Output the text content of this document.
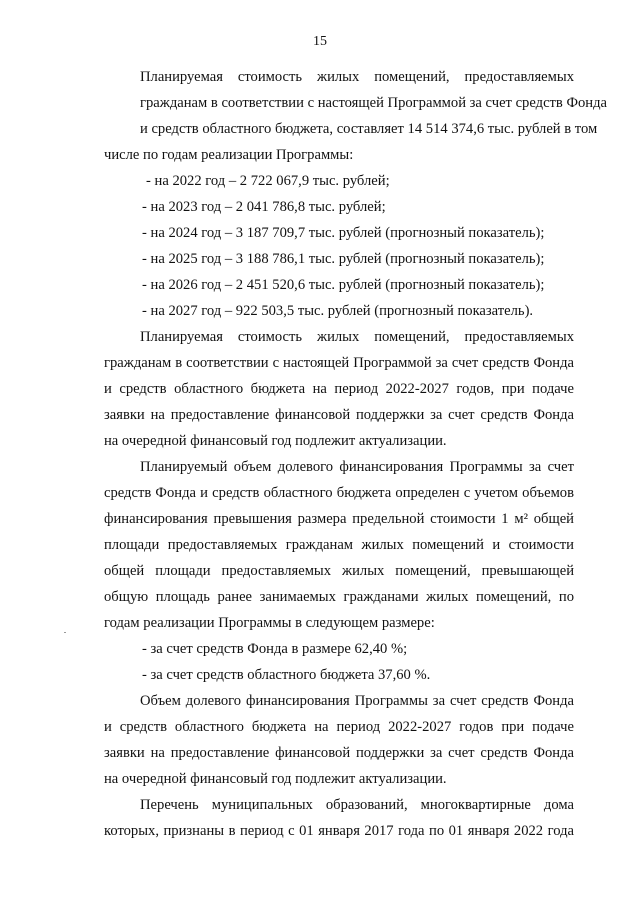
15
Планируемая стоимость жилых помещений, предоставляемых
гражданам в соответствии с настоящей Программой за счет средств Фонда
и средств областного бюджета, составляет 14 514 374,6 тыс. рублей в том
числе по годам реализации Программы:
- на 2022 год – 2 722 067,9 тыс. рублей;
- на 2023 год – 2 041 786,8 тыс. рублей;
- на 2024 год – 3 187 709,7 тыс. рублей (прогнозный показатель);
- на 2025 год – 3 188 786,1 тыс. рублей (прогнозный показатель);
- на 2026 год – 2 451 520,6 тыс. рублей (прогнозный показатель);
- на 2027 год – 922 503,5 тыс. рублей (прогнозный показатель).
Планируемая стоимость жилых помещений, предоставляемых
гражданам в соответствии с настоящей Программой за счет средств Фонда
и средств областного бюджета на период 2022-2027 годов, при подаче
заявки на предоставление финансовой поддержки за счет средств Фонда
на очередной финансовый год подлежит актуализации.
Планируемый объем долевого финансирования Программы за счет
средств Фонда и средств областного бюджета определен с учетом объемов
финансирования превышения размера предельной стоимости 1 м² общей
площади предоставляемых гражданам жилых помещений и стоимости
общей площади предоставляемых жилых помещений, превышающей
общую площадь ранее занимаемых гражданами жилых помещений, по
годам реализации Программы в следующем размере:
- за счет средств Фонда в размере 62,40 %;
- за счет средств областного бюджета 37,60 %.
Объем долевого финансирования Программы за счет средств Фонда
и средств областного бюджета на период 2022-2027 годов при подаче
заявки на предоставление финансовой поддержки за счет средств Фонда
на очередной финансовый год подлежит актуализации.
Перечень муниципальных образований, многоквартирные дома
которых, признаны в период с 01 января 2017 года по 01 января 2022 года
